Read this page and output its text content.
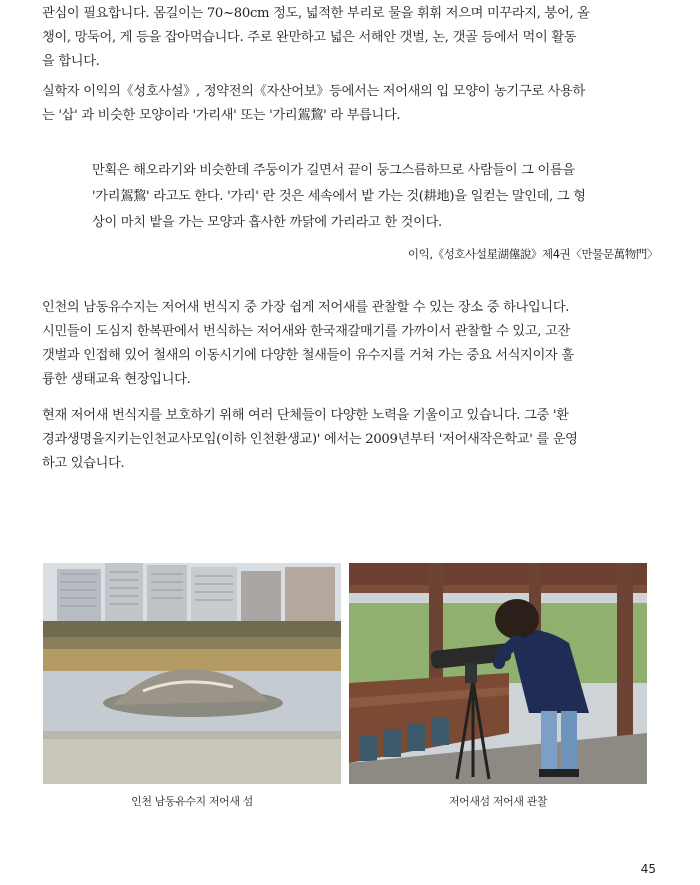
관심이 필요합니다. 몸길이는 70~80cm 정도, 넓적한 부리로 물을 휘휘 저으며 미꾸라지, 붕어, 올
챙이, 망둑어, 게 등을 잡아먹습니다. 주로 완만하고 넓은 서해안 갯벌, 논, 갯골 등에서 먹이 활동
을 합니다.
실학자 이익의《성호사설》, 정약전의《자산어보》등에서는 저어새의 입 모양이 농기구로 사용하
는 '삽' 과 비슷한 모양이라 '가리새' 또는 '가리鴐鵹' 라 부릅니다.
만획은 해오라기와 비슷한데 주둥이가 길면서 끝이 둥그스름하므로 사람들이 그 이름을
'가리鴐鵹' 라고도 한다. '가리' 란 것은 세속에서 밭 가는 것(耕地)을 일컫는 말인데, 그 형
상이 마치 밭을 가는 모양과 흡사한 까닭에 가리라고 한 것이다.
이익,《성호사설星湖僿說》제4권〈만물문萬物門〉
인천의 남동유수지는 저어새 번식지 중 가장 쉽게 저어새를 관찰할 수 있는 장소 중 하나입니다.
시민들이 도심지 한복판에서 번식하는 저어새와 한국재갈매기를 가까이서 관찰할 수 있고, 고잔
갯벌과 인접해 있어 철새의 이동시기에 다양한 철새들이 유수지를 거쳐 가는 중요 서식지이자 훌
륭한 생태교육 현장입니다.
현재 저어새 번식지를 보호하기 위해 여러 단체들이 다양한 노력을 기울이고 있습니다. 그중 '환
경과생명을지키는인천교사모임(이하 인천환생교)' 에서는 2009년부터 '저어새작은학교' 를 운영
하고 있습니다.
인천 남동유수지 저어새 섬	저어새섬 저어새 관찰
45
